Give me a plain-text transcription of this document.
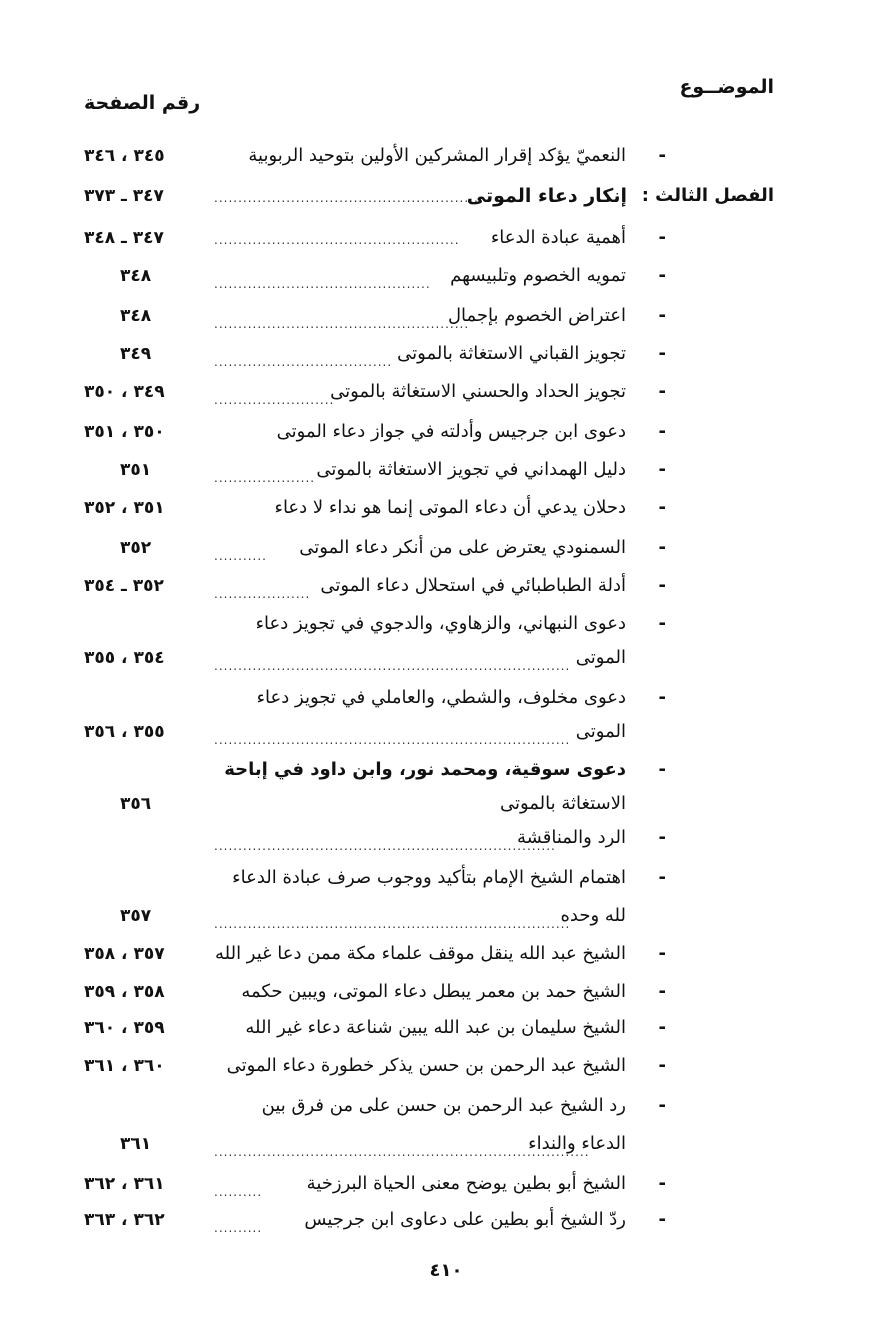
الموضــوع
رقم الصفحة
-
النعميّ يؤكد إقرار المشركين الأولين بتوحيد الربوبية
٣٤٥ ، ٣٤٦
الفصل الثالث :
إنكار دعاء الموتى
.......................................................
٣٤٧ ـ ٣٧٣
-
أهمية عبادة الدعاء
...................................................
٣٤٧ ـ ٣٤٨
-
تمويه الخصوم وتلبيسهم
.............................................
٣٤٨
-
اعتراض الخصوم بإجمال
.....................................................
٣٤٨
-
تجويز القباني الاستغاثة بالموتى
.....................................
٣٤٩
-
تجويز الحداد والحسني الاستغاثة بالموتى
.........................
٣٤٩ ، ٣٥٠
-
دعوى ابن جرجيس وأدلته في جواز دعاء الموتى
٣٥٠ ، ٣٥١
-
دليل الهمداني في تجويز الاستغاثة بالموتى
.....................
٣٥١
-
دحلان يدعي أن دعاء الموتى إنما هو نداء لا دعاء
٣٥١ ، ٣٥٢
-
السمنودي يعترض على من أنكر دعاء الموتى
...........
٣٥٢
-
أدلة الطباطبائي في استحلال دعاء الموتى
....................
٣٥٢ ـ ٣٥٤
-
دعوى النبهاني، والزهاوي، والدجوي في تجويز دعاء
الموتى
..........................................................................
٣٥٤ ، ٣٥٥
-
دعوى مخلوف، والشطي، والعاملي في تجويز دعاء
الموتى
..........................................................................
٣٥٥ ، ٣٥٦
-
دعوى سوقية، ومحمد نور، وابن داود في إباحة
الاستغاثة بالموتى
٣٥٦
-
الرد والمناقشة
.......................................................................
-
اهتمام الشيخ الإمام بتأكيد ووجوب صرف عبادة الدعاء
لله وحده
..........................................................................
٣٥٧
-
الشيخ عبد الله ينقل موقف علماء مكة ممن دعا غير الله
٣٥٧ ، ٣٥٨
-
الشيخ حمد بن معمر يبطل دعاء الموتى، ويبين حكمه
٣٥٨ ، ٣٥٩
-
الشيخ سليمان بن عبد الله يبين شناعة دعاء غير الله
٣٥٩ ، ٣٦٠
-
الشيخ عبد الرحمن بن حسن يذكر خطورة دعاء الموتى
٣٦٠ ، ٣٦١
-
رد الشيخ عبد الرحمن بن حسن على من فرق بين
الدعاء والنداء
..............................................................................
٣٦١
-
الشيخ أبو بطين يوضح معنى الحياة البرزخية
..........
٣٦١ ، ٣٦٢
-
ردّ الشيخ أبو بطين على دعاوى ابن جرجيس
..........
٣٦٢ ، ٣٦٣
٤١٠
